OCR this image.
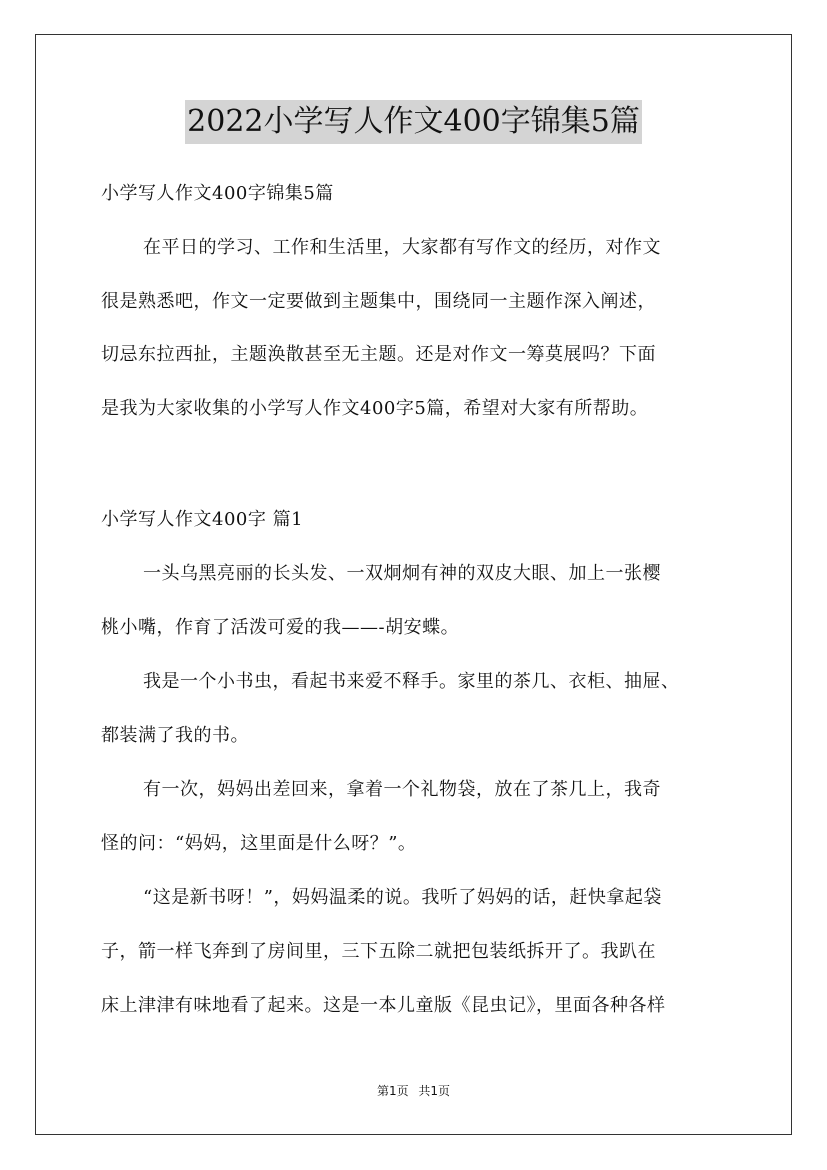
2022小学写人作文400字锦集5篇
小学写人作文400字锦集5篇
在平日的学习、工作和生活里，大家都有写作文的经历，对作文
很是熟悉吧，作文一定要做到主题集中，围绕同一主题作深入阐述，
切忌东拉西扯，主题涣散甚至无主题。还是对作文一筹莫展吗？下面
是我为大家收集的小学写人作文400字5篇，希望对大家有所帮助。
小学写人作文400字 篇1
一头乌黑亮丽的长头发、一双炯炯有神的双皮大眼、加上一张樱
桃小嘴，作育了活泼可爱的我——-胡安蝶。
我是一个小书虫，看起书来爱不释手。家里的茶几、衣柜、抽屉、
都装满了我的书。
有一次，妈妈出差回来，拿着一个礼物袋，放在了茶几上，我奇
怪的问：“妈妈，这里面是什么呀？”。
“这是新书呀！”，妈妈温柔的说。我听了妈妈的话，赶快拿起袋
子，箭一样飞奔到了房间里，三下五除二就把包装纸拆开了。我趴在
床上津津有味地看了起来。这是一本儿童版《昆虫记》，里面各种各样
第1页 共1页
